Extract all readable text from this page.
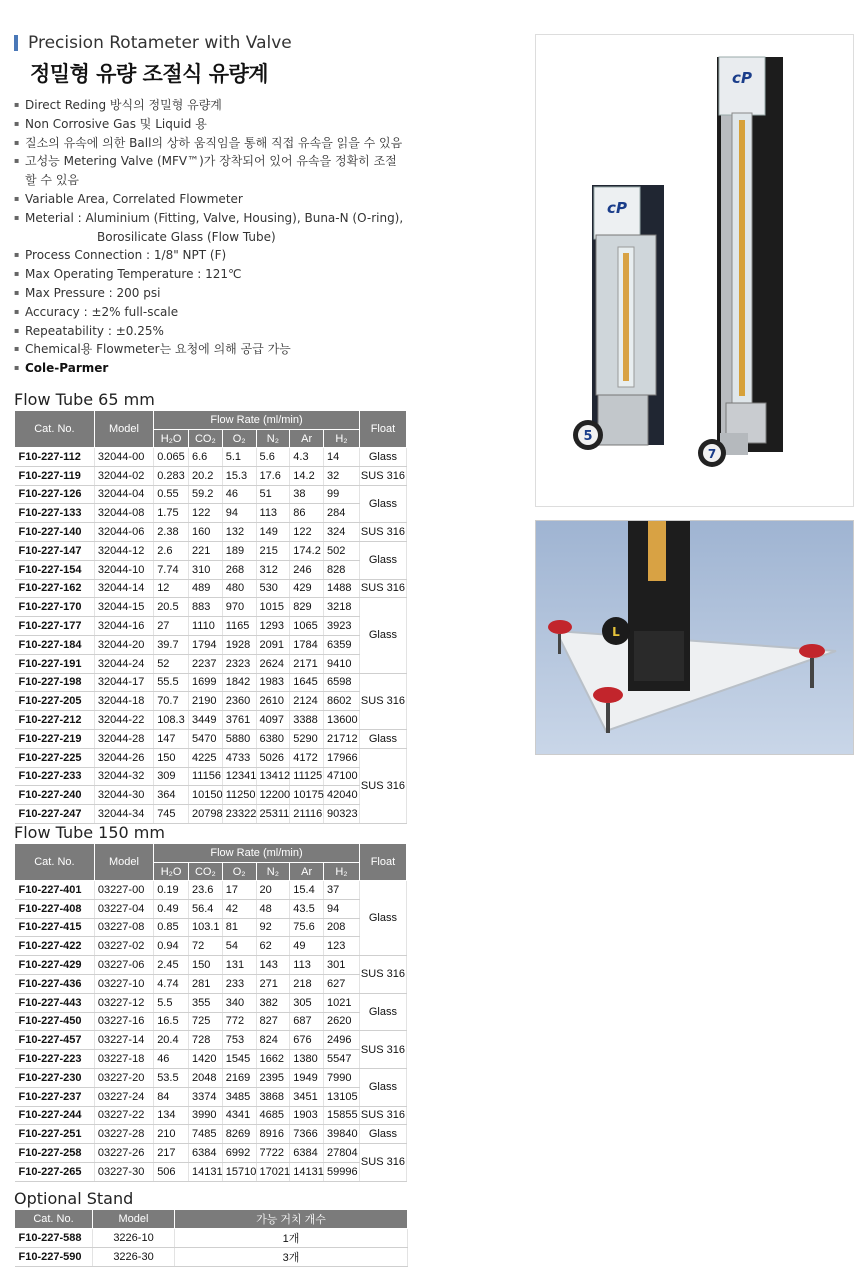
Precision Rotameter with Valve
정밀형 유량 조절식 유량계
▪ Direct Reding 방식의 정밀형 유량계
▪ Non Corrosive Gas 및 Liquid 용
▪ 질소의 유속에 의한 Ball의 상하 움직임을 통해 직접 유속을 읽을 수 있음
▪ 고성능 Metering Valve (MFV™)가 장착되어 있어 유속을 정확히 조절
할 수 있음
▪ Variable Area, Correlated Flowmeter
▪ Meterial : Aluminium (Fitting, Valve, Housing), Buna-N (O-ring),
Borosilicate Glass (Flow Tube)
▪ Process Connection : 1/8" NPT (F)
▪ Max Operating Temperature : 121℃
▪ Max Pressure : 200 psi
▪ Accuracy : ±2% full-scale
▪ Repeatability : ±0.25%
▪ Chemical용 Flowmeter는 요청에 의해 공급 가능
▪ Cole-Parmer
Flow Tube 65 mm
Cat. No.	Model	Flow Rate (ml/min)						Float
		H₂O	CO₂	O₂	N₂	Ar	H₂	
F10-227-112	32044-00	0.065	6.6	5.1	5.6	4.3	14	Glass
F10-227-119	32044-02	0.283	20.2	15.3	17.6	14.2	32	SUS 316
F10-227-126	32044-04	0.55	59.2	46	51	38	99	Glass
F10-227-133	32044-08	1.75	122	94	113	86	284	
F10-227-140	32044-06	2.38	160	132	149	122	324	SUS 316
F10-227-147	32044-12	2.6	221	189	215	174.2	502	Glass
F10-227-154	32044-10	7.74	310	268	312	246	828	
F10-227-162	32044-14	12	489	480	530	429	1488	SUS 316
F10-227-170	32044-15	20.5	883	970	1015	829	3218	Glass
F10-227-177	32044-16	27	1110	1165	1293	1065	3923	
F10-227-184	32044-20	39.7	1794	1928	2091	1784	6359	
F10-227-191	32044-24	52	2237	2323	2624	2171	9410	
F10-227-198	32044-17	55.5	1699	1842	1983	1645	6598	SUS 316
F10-227-205	32044-18	70.7	2190	2360	2610	2124	8602	
F10-227-212	32044-22	108.3	3449	3761	4097	3388	13600	
F10-227-219	32044-28	147	5470	5880	6380	5290	21712	Glass
F10-227-225	32044-26	150	4225	4733	5026	4172	17966	SUS 316
F10-227-233	32044-32	309	11156	12341	13412	11125	47100	
F10-227-240	32044-30	364	10150	11250	12200	10175	42040	
F10-227-247	32044-34	745	20798	23322	25311	21116	90323	
Flow Tube 150 mm
Cat. No.	Model	Flow Rate (ml/min)						Float
		H₂O	CO₂	O₂	N₂	Ar	H₂	
F10-227-401	03227-00	0.19	23.6	17	20	15.4	37	Glass
F10-227-408	03227-04	0.49	56.4	42	48	43.5	94	
F10-227-415	03227-08	0.85	103.1	81	92	75.6	208	
F10-227-422	03227-02	0.94	72	54	62	49	123	
F10-227-429	03227-06	2.45	150	131	143	113	301	SUS 316
F10-227-436	03227-10	4.74	281	233	271	218	627	
F10-227-443	03227-12	5.5	355	340	382	305	1021	Glass
F10-227-450	03227-16	16.5	725	772	827	687	2620	
F10-227-457	03227-14	20.4	728	753	824	676	2496	SUS 316
F10-227-223	03227-18	46	1420	1545	1662	1380	5547	
F10-227-230	03227-20	53.5	2048	2169	2395	1949	7990	Glass
F10-227-237	03227-24	84	3374	3485	3868	3451	13105	
F10-227-244	03227-22	134	3990	4341	4685	1903	15855	SUS 316
F10-227-251	03227-28	210	7485	8269	8916	7366	39840	Glass
F10-227-258	03227-26	217	6384	6992	7722	6384	27804	SUS 316
F10-227-265	03227-30	506	14131	15710	17021	14131	59996	
Optional Stand
Cat. No.	Model	가능 거치 개수
F10-227-588	3226-10	1개
F10-227-590	3226-30	3개
cP
7
cP
5
L
